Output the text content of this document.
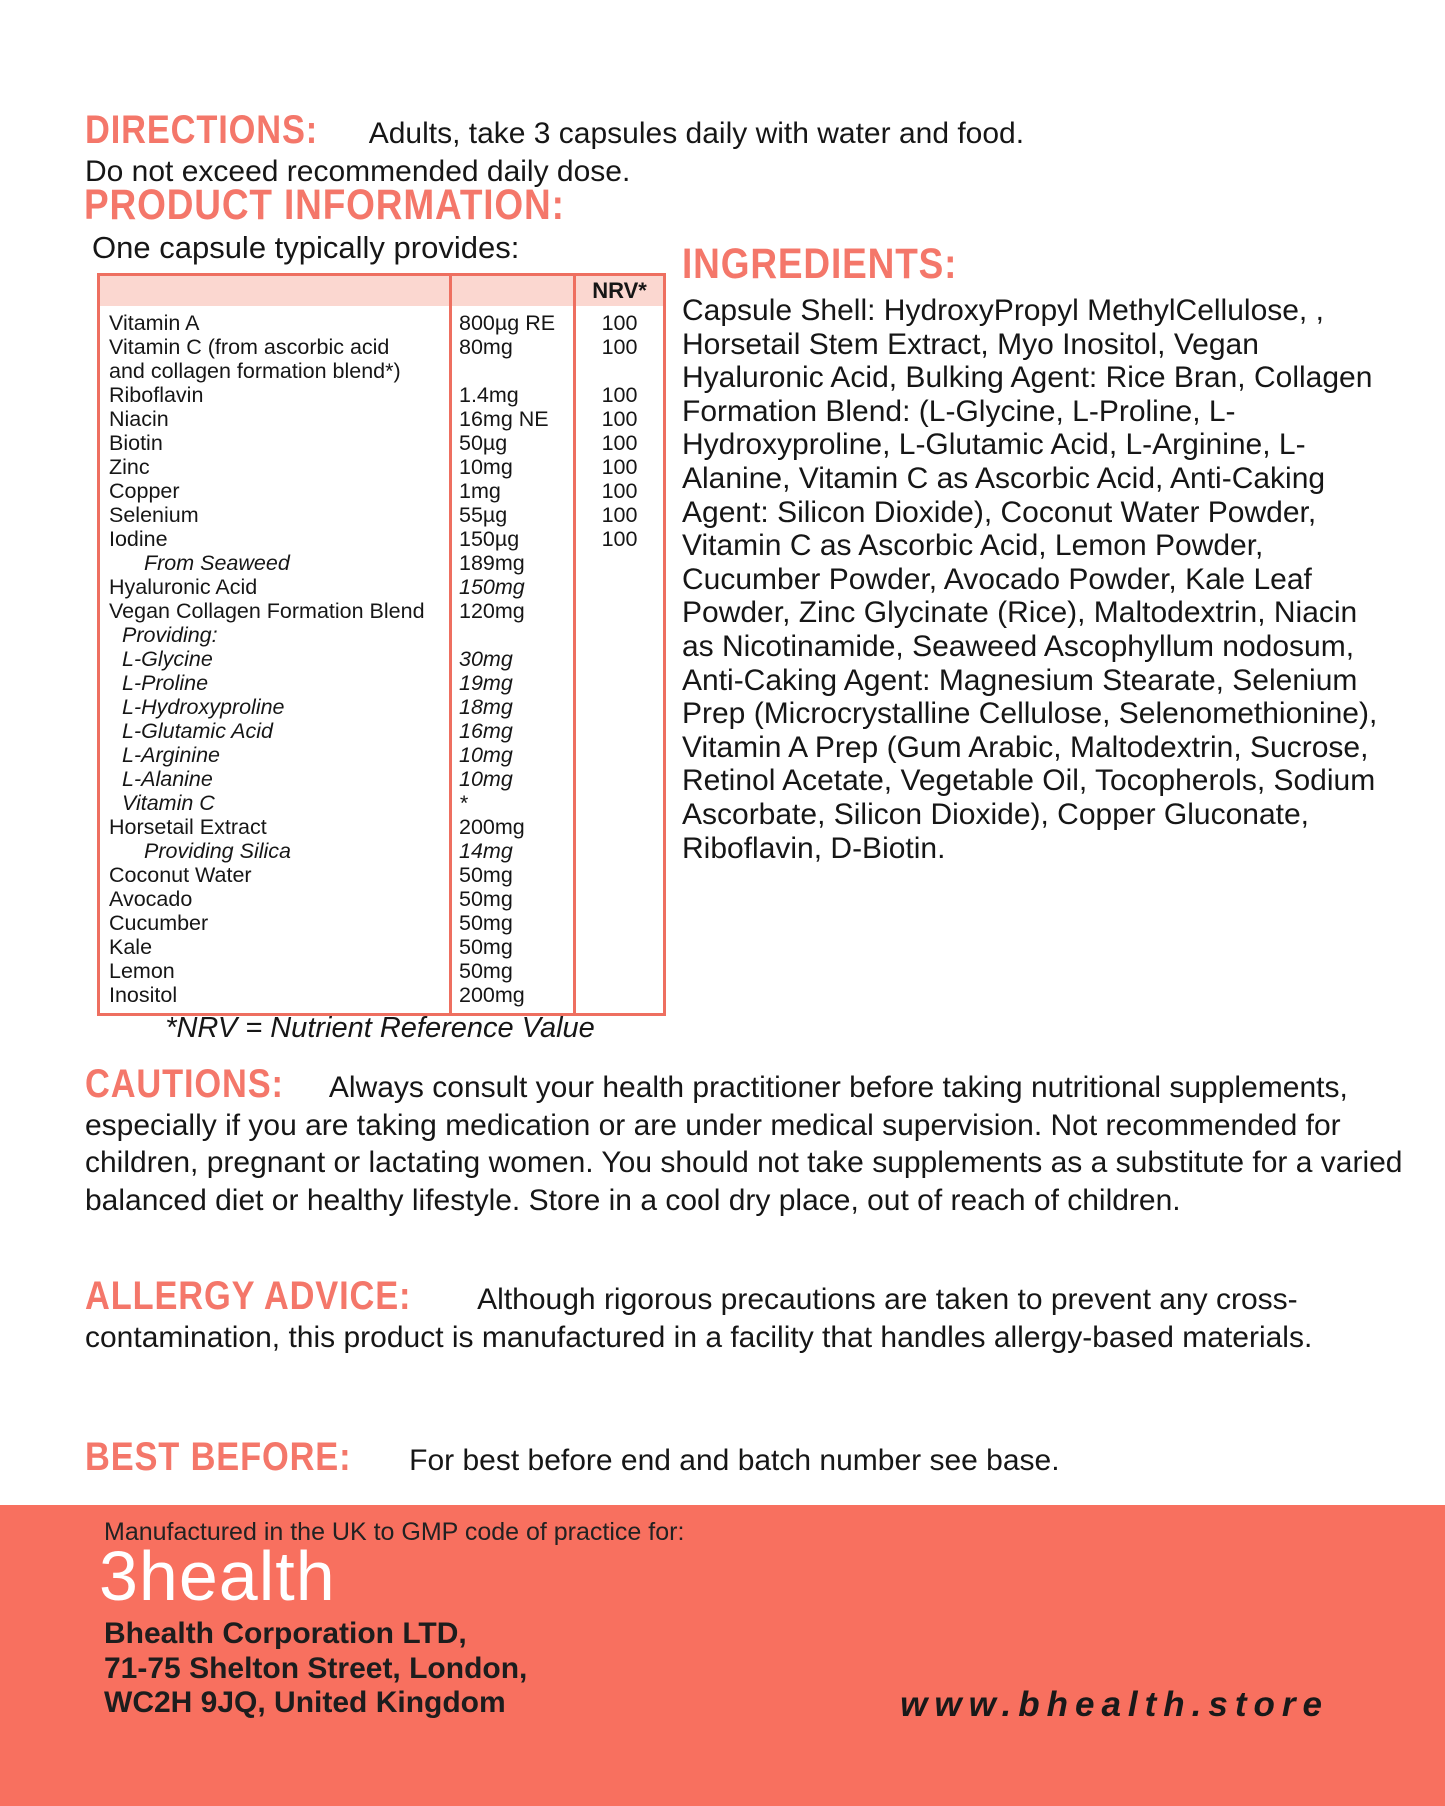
DIRECTIONS: Adults, take 3 capsules daily with water and food.
Do not exceed recommended daily dose.

PRODUCT INFORMATION:

One capsule typically provides:

		NRV*
Vitamin A	800µg RE	100
Vitamin C (from ascorbic acid	80mg	100
and collagen formation blend*)		
Riboflavin	1.4mg	100
Niacin	16mg NE	100
Biotin	50µg	100
Zinc	10mg	100
Copper	1mg	100
Selenium	55µg	100
Iodine	150µg	100
From Seaweed	189mg	
Hyaluronic Acid	150mg	
Vegan Collagen Formation Blend	120mg	
Providing:		
L-Glycine	30mg	
L-Proline	19mg	
L-Hydroxyproline	18mg	
L-Glutamic Acid	16mg	
L-Arginine	10mg	
L-Alanine	10mg	
Vitamin C	*	
Horsetail Extract	200mg	
Providing Silica	14mg	
Coconut Water	50mg	
Avocado	50mg	
Cucumber	50mg	
Kale	50mg	
Lemon	50mg	
Inositol	200mg	

*NRV = Nutrient Reference Value

INGREDIENTS:

Capsule Shell: HydroxyPropyl MethylCellulose, , Horsetail Stem Extract, Myo Inositol, Vegan Hyaluronic Acid, Bulking Agent: Rice Bran, Collagen Formation Blend: (L-Glycine, L-Proline, L-Hydroxyproline, L-Glutamic Acid, L-Arginine, L-Alanine, Vitamin C as Ascorbic Acid, Anti-Caking Agent: Silicon Dioxide), Coconut Water Powder, Vitamin C as Ascorbic Acid, Lemon Powder, Cucumber Powder, Avocado Powder, Kale Leaf Powder, Zinc Glycinate (Rice), Maltodextrin, Niacin as Nicotinamide, Seaweed Ascophyllum nodosum, Anti-Caking Agent: Magnesium Stearate, Selenium Prep (Microcrystalline Cellulose, Selenomethionine), Vitamin A Prep (Gum Arabic, Maltodextrin, Sucrose, Retinol Acetate, Vegetable Oil, Tocopherols, Sodium Ascorbate, Silicon Dioxide), Copper Gluconate, Riboflavin, D-Biotin.

CAUTIONS: Always consult your health practitioner before taking nutritional supplements, especially if you are taking medication or are under medical supervision. Not recommended for children, pregnant or lactating women. You should not take supplements as a substitute for a varied balanced diet or healthy lifestyle. Store in a cool dry place, out of reach of children.

ALLERGY ADVICE: Although rigorous precautions are taken to prevent any cross-contamination, this product is manufactured in a facility that handles allergy-based materials.

BEST BEFORE: For best before end and batch number see base.

Manufactured in the UK to GMP code of practice for:

3health

Bhealth Corporation LTD,
71-75 Shelton Street, London,
WC2H 9JQ, United Kingdom	www.bhealth.store
